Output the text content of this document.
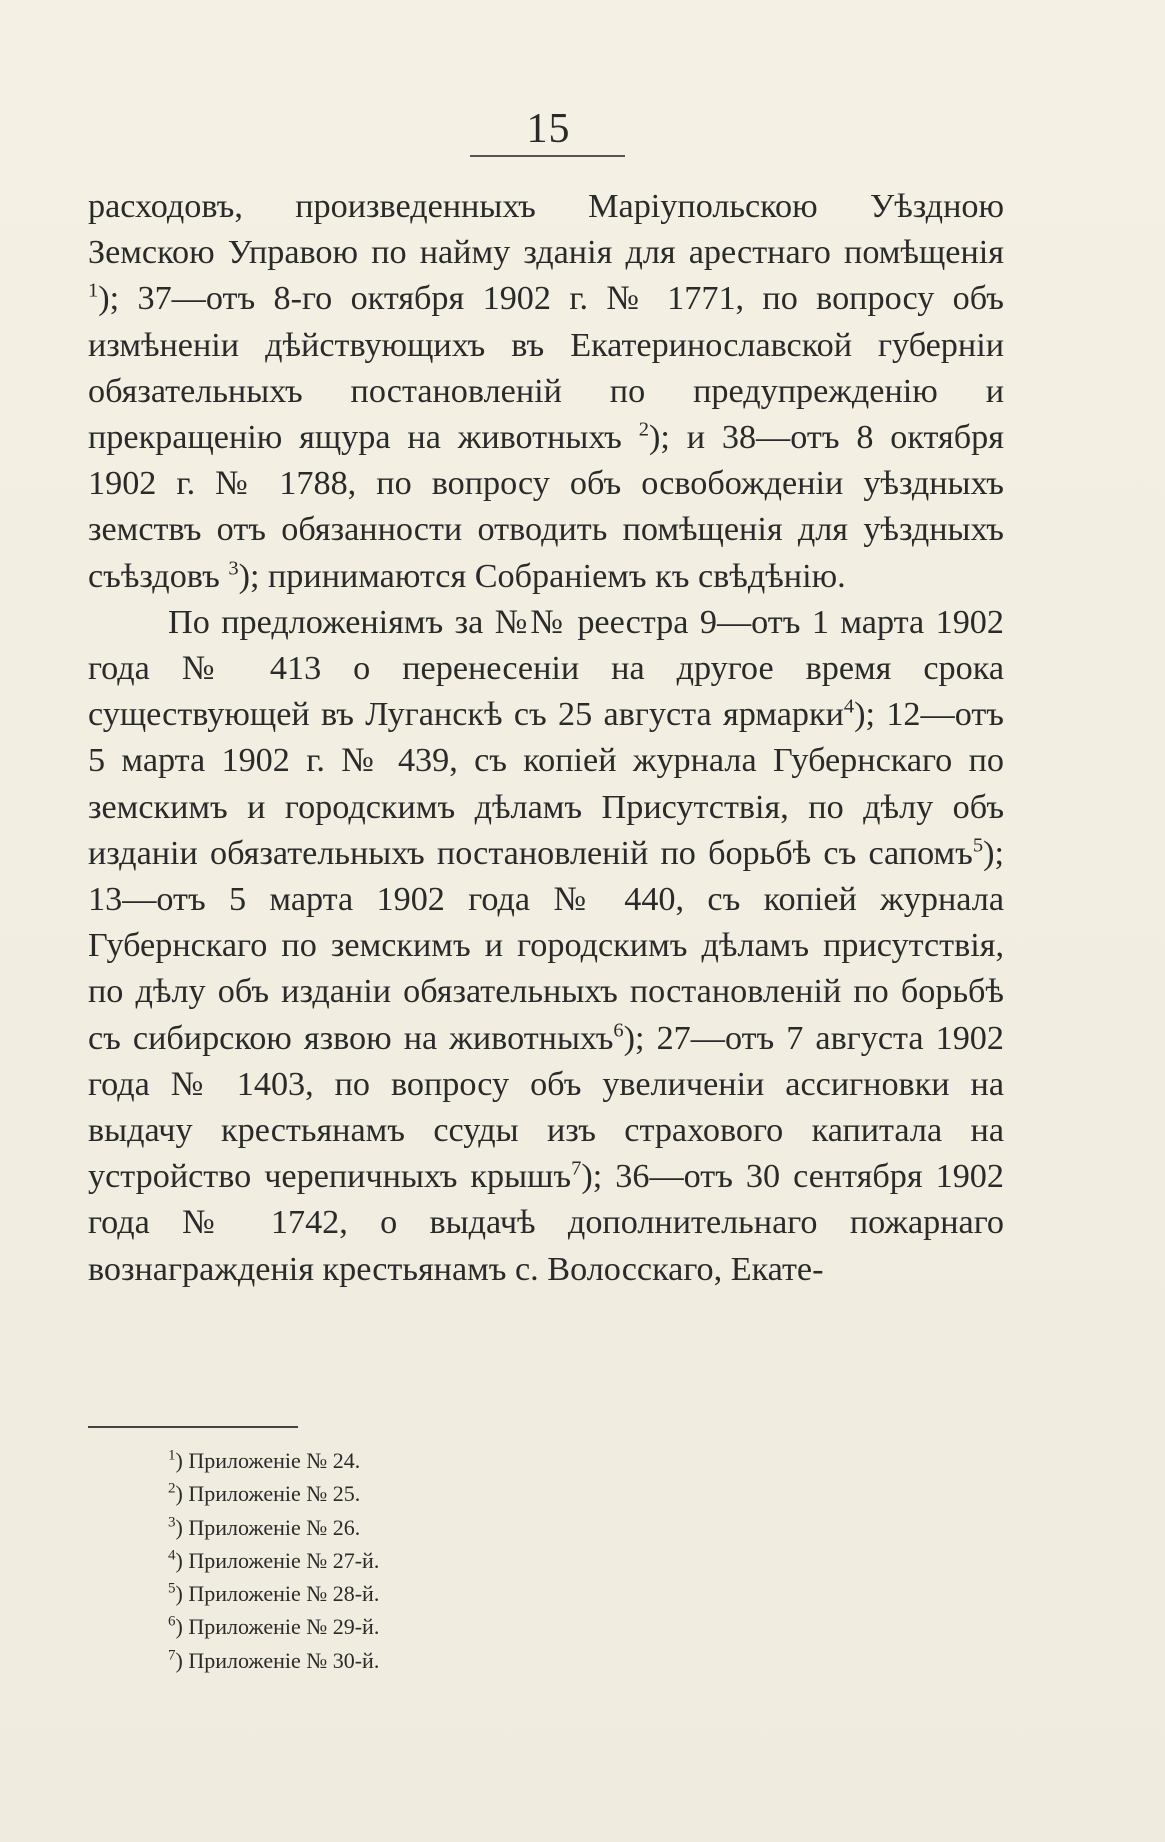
15

расходовъ, произведенныхъ Маріупольскою Уѣздною Земскою Управою по найму зданія для арестнаго помѣщенія $^1$); 37—отъ 8-го октября 1902 г. № 1771, по вопросу объ измѣненіи дѣйствующихъ въ Екатеринославской губерніи обязательныхъ постановленій по предупрежденію и прекращенію ящура на животныхъ $^2$); и 38—отъ 8 октября 1902 г. № 1788, по вопросу объ освобожденіи уѣздныхъ земствъ отъ обязанности отводить помѣщенія для уѣздныхъ съѣздовъ $^3$); принимаются Собраніемъ къ свѣдѣнію.

По предложеніямъ за №№ реестра 9—отъ 1 марта 1902 года № 413 о перенесеніи на другое время срока существующей въ Луганскѣ съ 25 августа ярмарки$^4$); 12—отъ 5 марта 1902 г. № 439, съ копіей журнала Губернскаго по земскимъ и городскимъ дѣламъ Присутствія, по дѣлу объ изданіи обязательныхъ постановленій по борьбѣ съ сапомъ$^5$); 13—отъ 5 марта 1902 года № 440, съ копіей журнала Губернскаго по земскимъ и городскимъ дѣламъ присутствія, по дѣлу объ изданіи обязательныхъ постановленій по борьбѣ съ сибирскою язвою на животныхъ$^6$); 27—отъ 7 августа 1902 года № 1403, по вопросу объ увеличеніи ассигновки на выдачу крестьянамъ ссуды изъ страхового капитала на устройство черепичныхъ крышъ$^7$); 36—отъ 30 сентября 1902 года № 1742, о выдачѣ дополнительнаго пожарнаго вознагражденія крестьянамъ с. Волосскаго, Екате-

$^1$) Приложеніе № 24.
$^2$) Приложеніе № 25.
$^3$) Приложеніе № 26.
$^4$) Приложеніе № 27-й.
$^5$) Приложеніе № 28-й.
$^6$) Приложеніе № 29-й.
$^7$) Приложеніе № 30-й.
